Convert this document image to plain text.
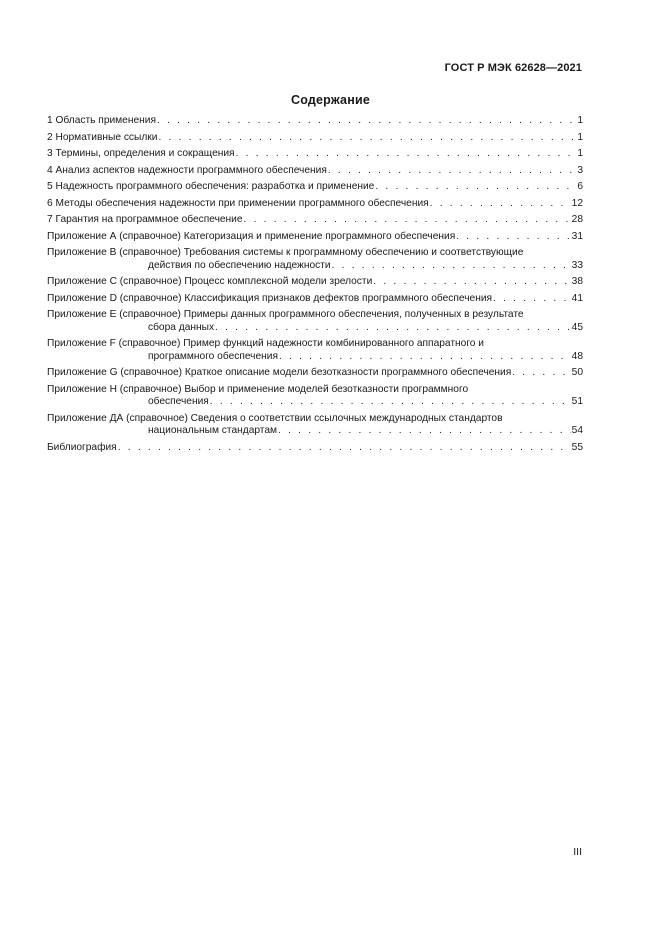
ГОСТ Р МЭК 62628—2021
Содержание
1 Область применения . . .	1
2 Нормативные ссылки . . .	1
3 Термины, определения и сокращения . . .	1
4 Анализ аспектов надежности программного обеспечения . . .	3
5 Надежность программного обеспечения: разработка и применение . . .	6
6 Методы обеспечения надежности при применении программного обеспечения . . .	12
7 Гарантия на программное обеспечение . . .	28
Приложение А (справочное) Категоризация и применение программного обеспечения . . .	31
Приложение В (справочное) Требования системы к программному обеспечению и соответствующие
действия по обеспечению надежности . . .	33
Приложение С (справочное) Процесс комплексной модели зрелости . . .	38
Приложение D (справочное) Классификация признаков дефектов программного обеспечения . . .	41
Приложение Е (справочное) Примеры данных программного обеспечения, полученных в результате
сбора данных . . .	45
Приложение F (справочное) Пример функций надежности комбинированного аппаратного и
программного обеспечения . . .	48
Приложение G (справочное) Краткое описание модели безотказности программного обеспечения . . .	50
Приложение Н (справочное) Выбор и применение моделей безотказности программного
обеспечения . . .	51
Приложение ДА (справочное) Сведения о соответствии ссылочных международных стандартов
национальным стандартам . . .	54
Библиография . . .	55
III
